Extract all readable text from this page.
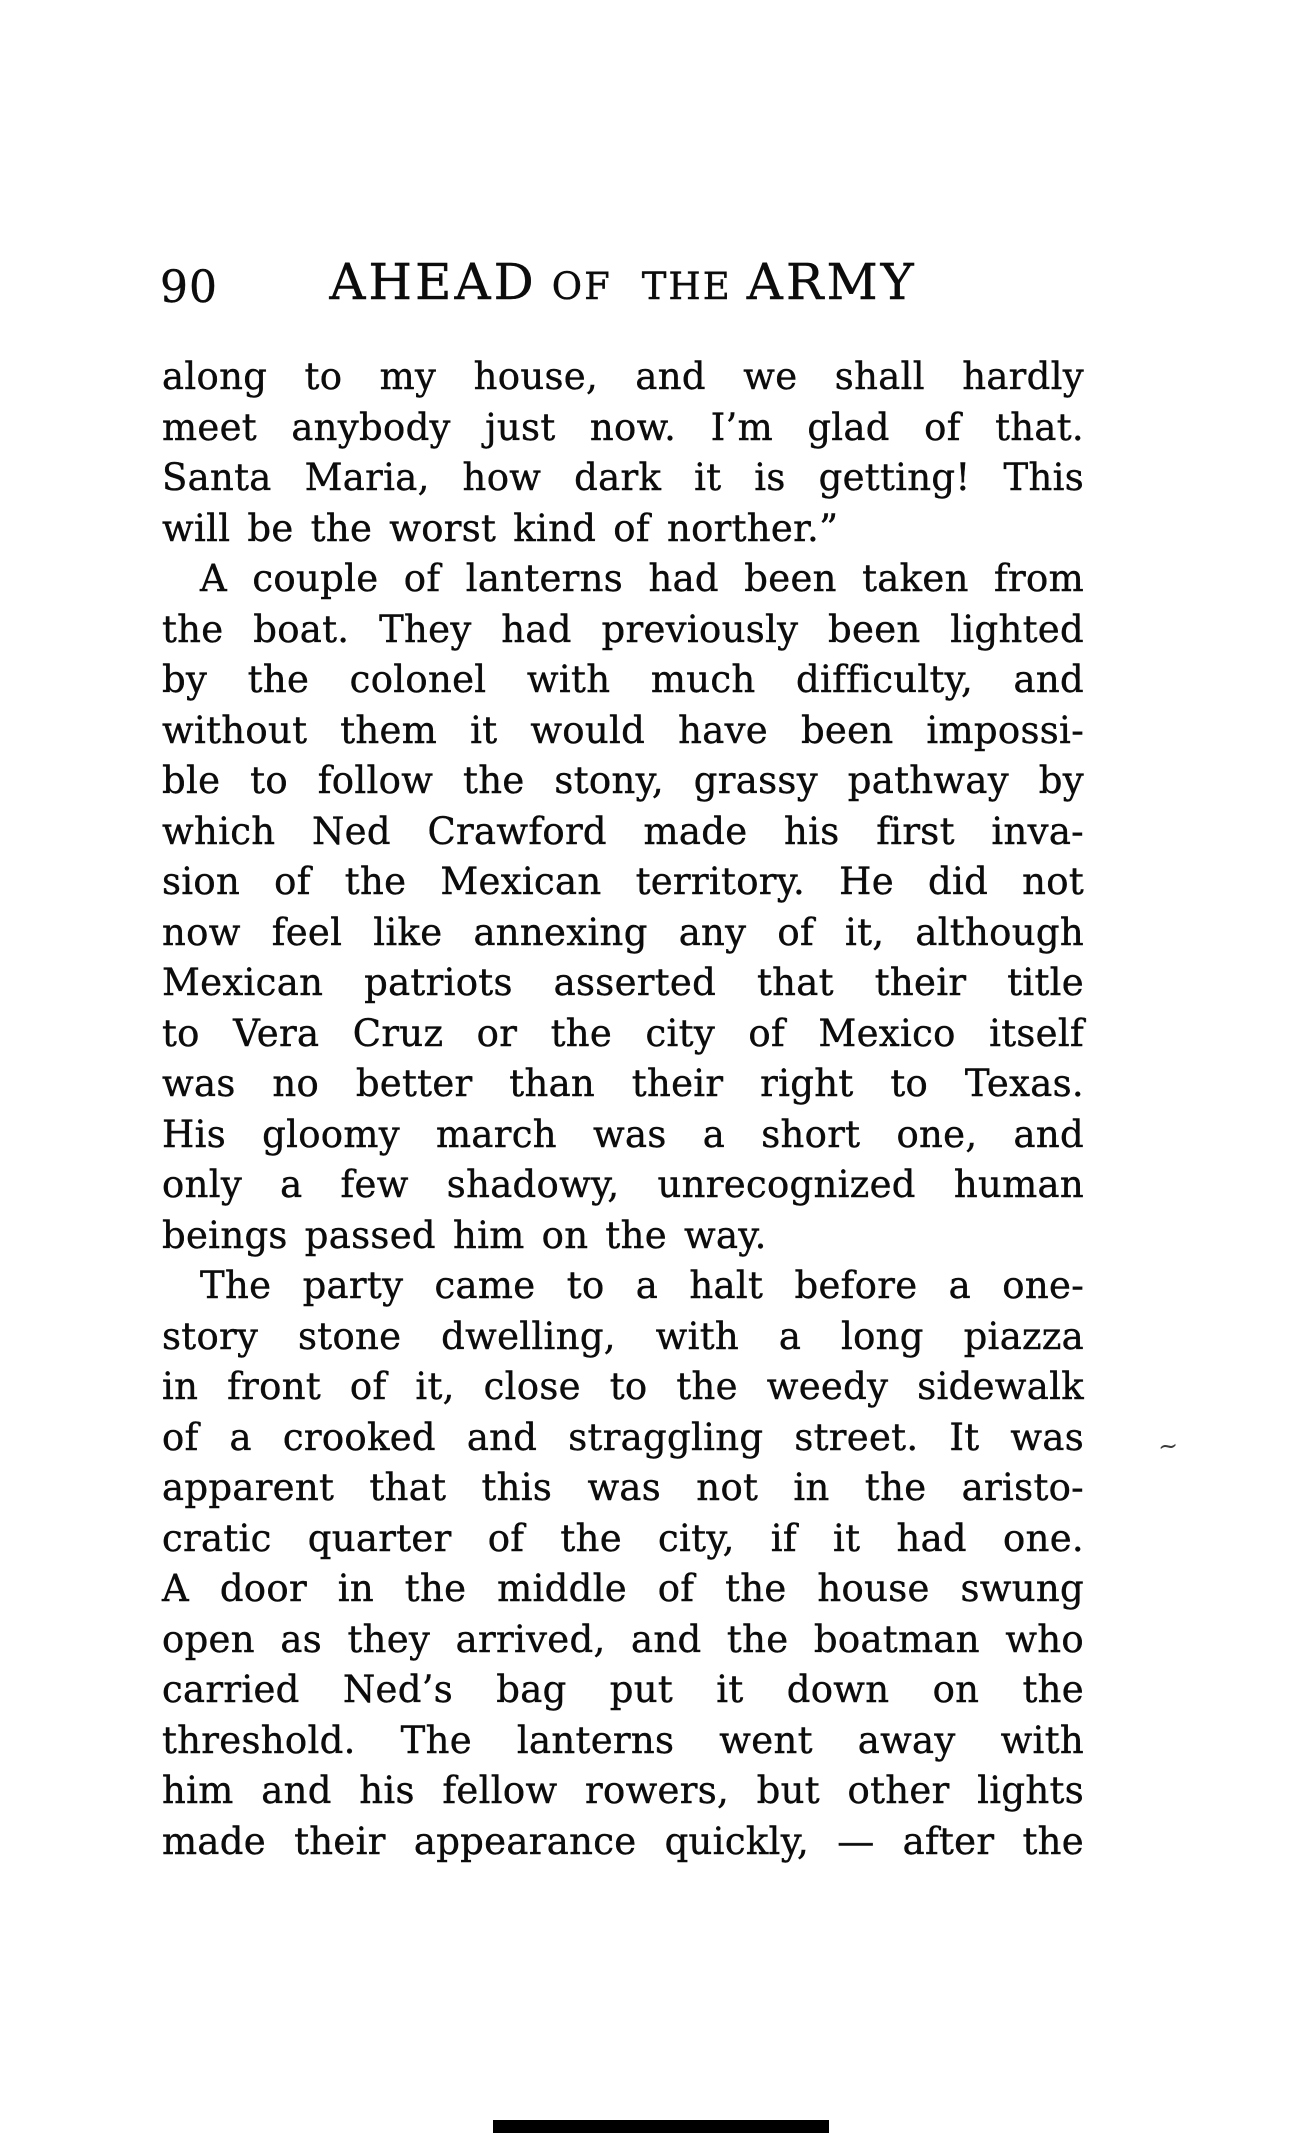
90	AHEAD OF THE ARMY
along to my house, and we shall hardly
meet anybody just now. I’m glad of that.
Santa Maria, how dark it is getting! This
will be the worst kind of norther.”
A couple of lanterns had been taken from
the boat. They had previously been lighted
by the colonel with much difficulty, and
without them it would have been impossi-
ble to follow the stony, grassy pathway by
which Ned Crawford made his first inva-
sion of the Mexican territory. He did not
now feel like annexing any of it, although
Mexican patriots asserted that their title
to Vera Cruz or the city of Mexico itself
was no better than their right to Texas.
His gloomy march was a short one, and
only a few shadowy, unrecognized human
beings passed him on the way.
The party came to a halt before a one-
story stone dwelling, with a long piazza
in front of it, close to the weedy sidewalk
of a crooked and straggling street. It was
apparent that this was not in the aristo-
cratic quarter of the city, if it had one.
A door in the middle of the house swung
open as they arrived, and the boatman who
carried Ned’s bag put it down on the
threshold. The lanterns went away with
him and his fellow rowers, but other lights
made their appearance quickly, — after the
~
